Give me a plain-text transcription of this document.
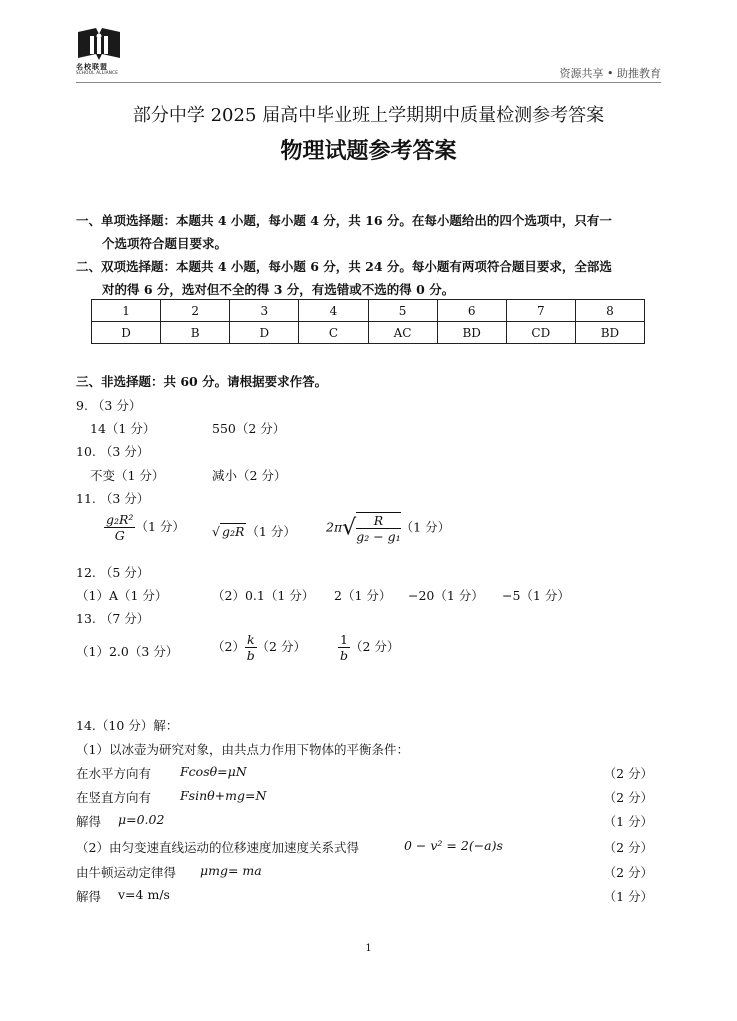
名校联盟
SCHOOL ALLIANCE	资源共享 • 助推教育
部分中学 2025 届高中毕业班上学期期中质量检测参考答案
物理试题参考答案
一、单项选择题：本题共 4 小题，每小题 4 分，共 16 分。在每小题给出的四个选项中，只有一
个选项符合题目要求。
二、双项选择题：本题共 4 小题，每小题 6 分，共 24 分。每小题有两项符合题目要求，全部选
对的得 6 分，选对但不全的得 3 分，有选错或不选的得 0 分。
1	2	3	4	5	6	7	8
D	B	D	C	AC	BD	CD	BD
三、非选择题：共 60 分。请根据要求作答。
9. （3 分）
14（1 分）	550（2 分）
10. （3 分）
不变（1 分）	减小（2 分）
11. （3 分）
$\frac{\text{g₂R²}}{G} (1$ 分） √ g₂R （1 分） $2\pi√ \frac{R}{\text{g₂ − g₁}} (1$ 分）
12. （5 分）
（1）A（1 分）	（2）0.1（1 分） 2（1 分） −20（1 分） −5（1 分）
13. （7 分）
（1）2.0（3 分）	$(2) \frac{k}{b} (2$ 分）	$\frac{1}{b} (2$ 分）
14.（10 分）解：
（1）以冰壶为研究对象，由共点力作用下物体的平衡条件：
在水平方向有 Fcosθ=μN	（2 分）
在竖直方向有 Fsinθ+mg=N	（2 分）
解得 μ=0.02	（1 分）
（2）由匀变速直线运动的位移速度加速度关系式得	0 − v² = 2(−a)s	（2 分）
由牛顿运动定律得 μmg= ma	（2 分）
解得 v=4 m/s	（1 分）
1
